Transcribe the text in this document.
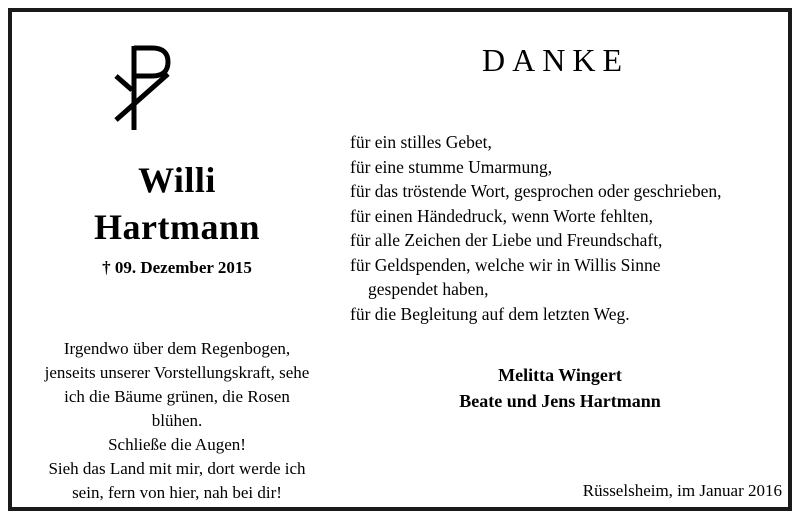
Willi
Hartmann
† 09. Dezember 2015
Irgendwo über dem Regenbogen,
jenseits unserer Vorstellungskraft, sehe
ich die Bäume grünen, die Rosen
blühen.
Schließe die Augen!
Sieh das Land mit mir, dort werde ich
sein, fern von hier, nah bei dir!
DANKE
für ein stilles Gebet,
für eine stumme Umarmung,
für das tröstende Wort, gesprochen oder geschrieben,
für einen Händedruck, wenn Worte fehlten,
für alle Zeichen der Liebe und Freundschaft,
für Geldspenden, welche wir in Willis Sinne
gespendet haben,
für die Begleitung auf dem letzten Weg.
Melitta Wingert
Beate und Jens Hartmann
Rüsselsheim, im Januar 2016
